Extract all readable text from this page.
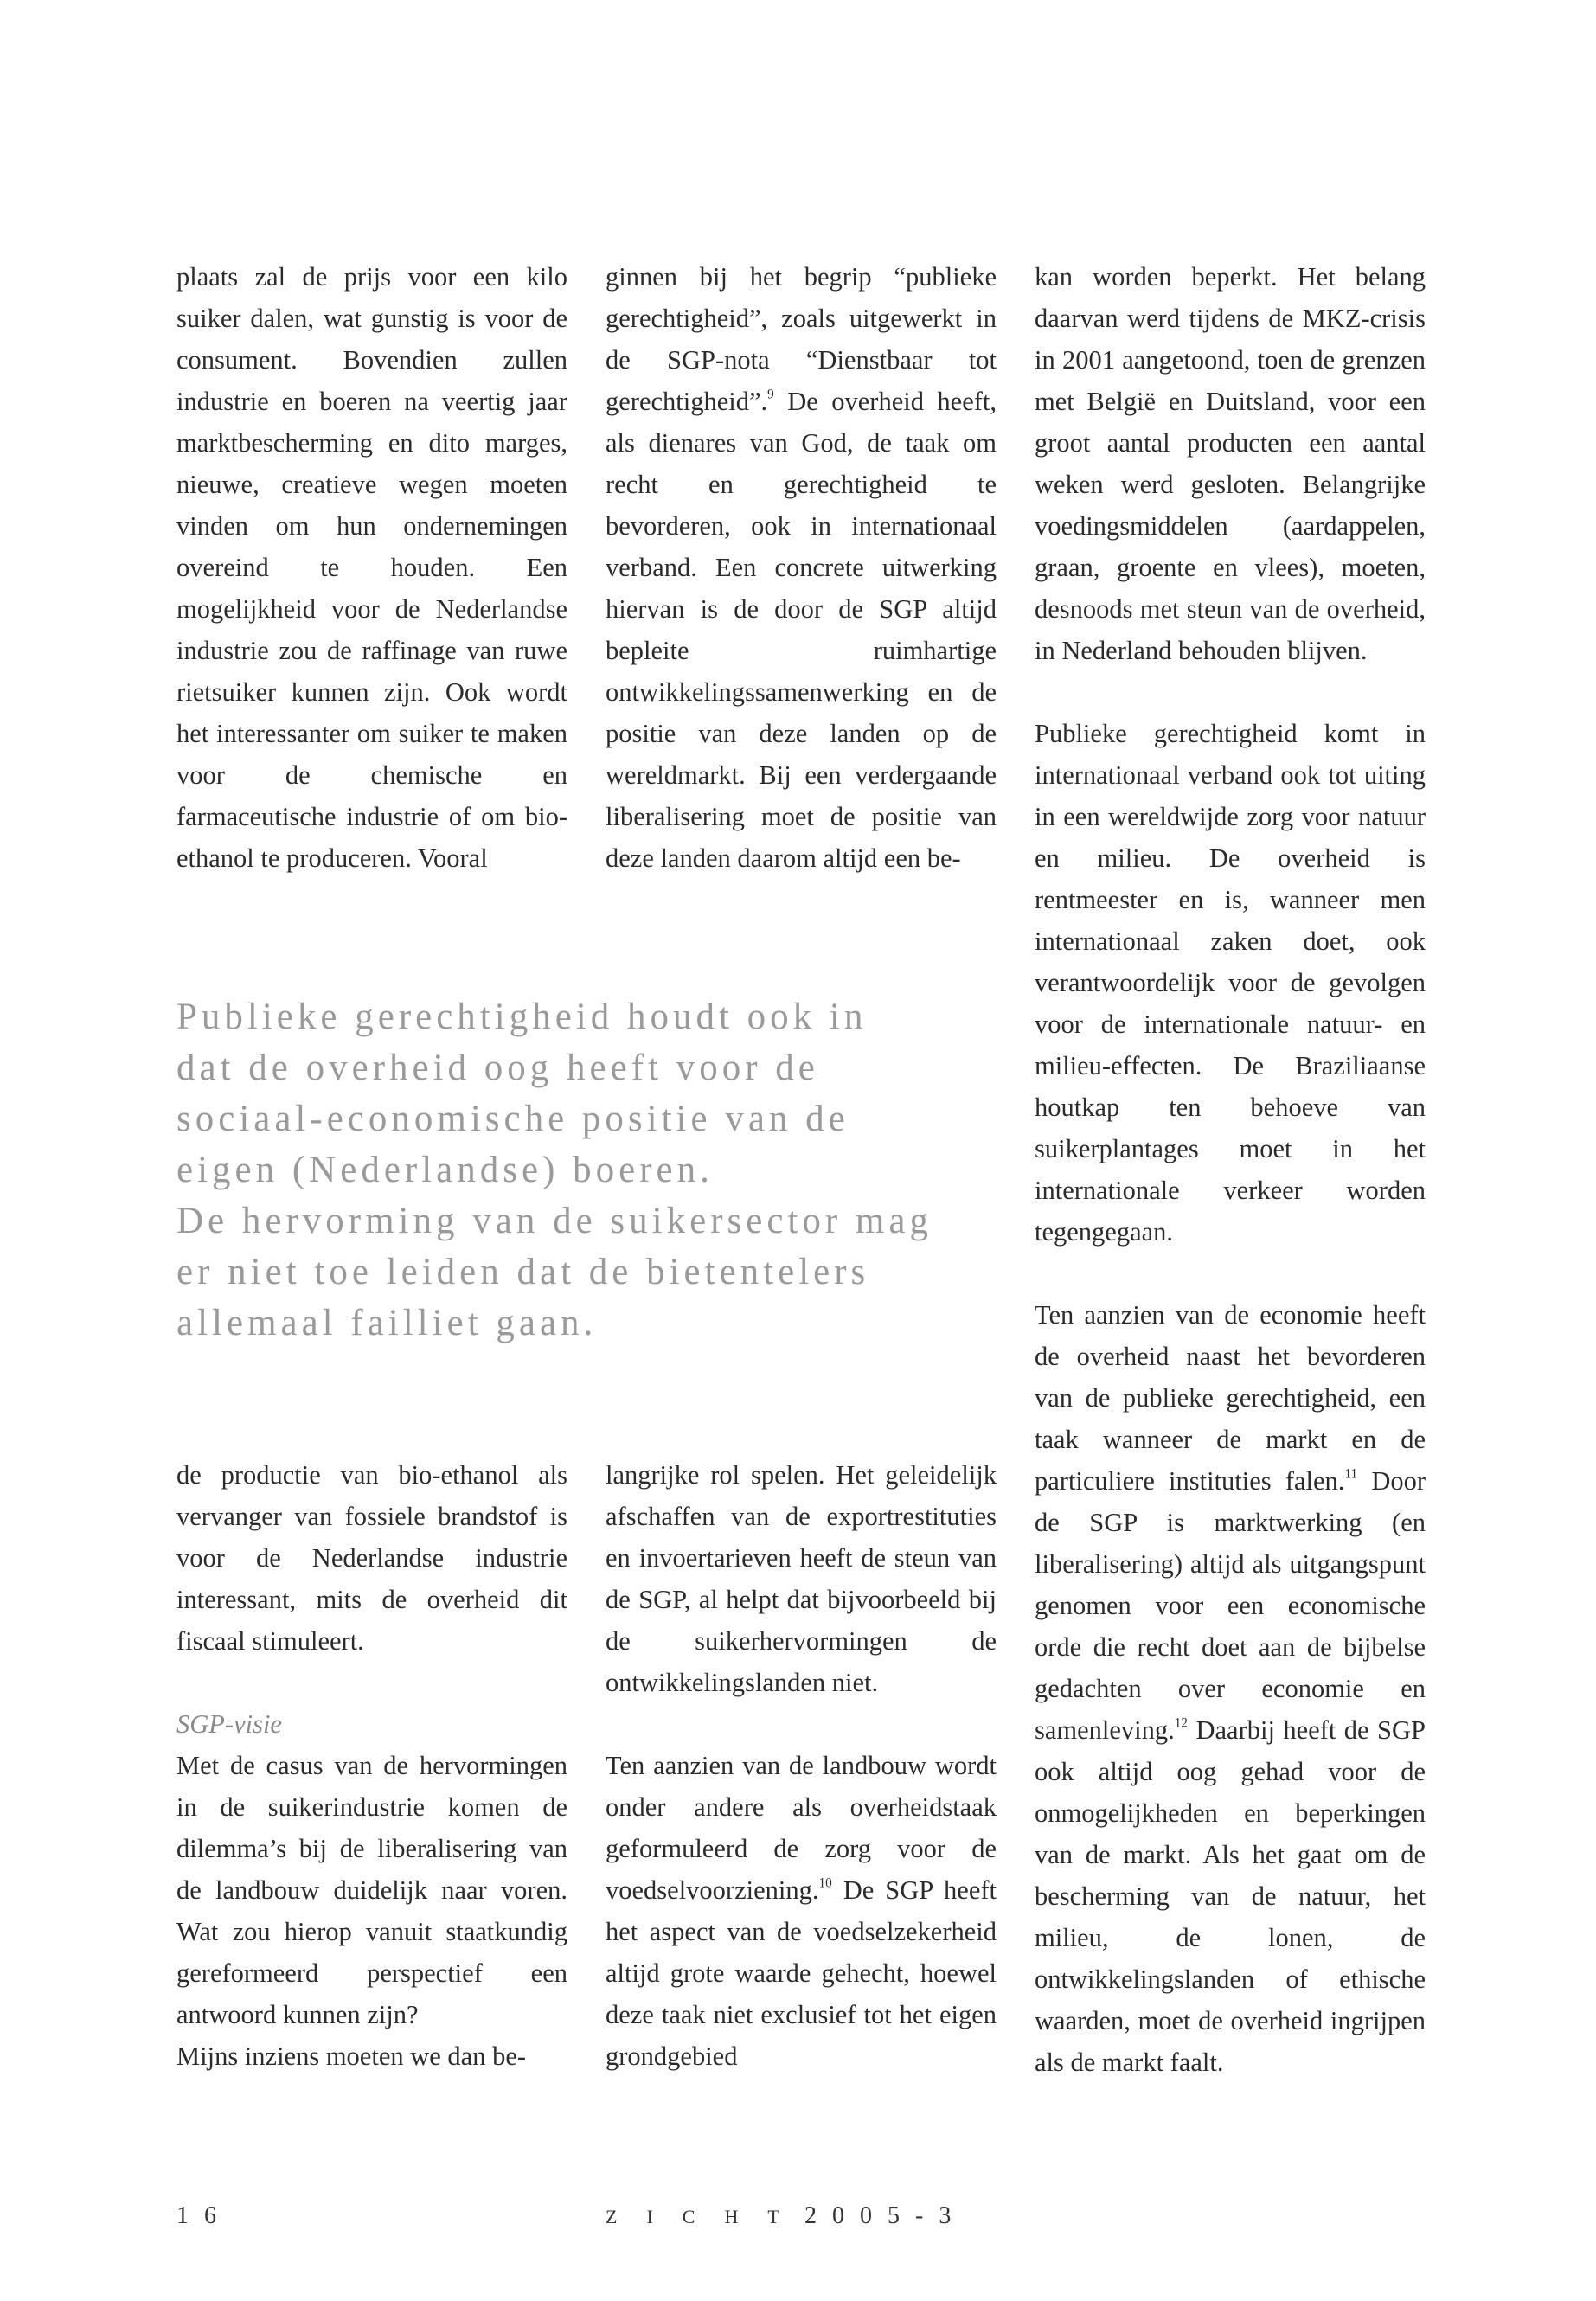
plaats zal de prijs voor een kilo suiker dalen, wat gunstig is voor de consument. Bovendien zullen industrie en boeren na veertig jaar marktbescherming en dito marges, nieuwe, creatieve wegen moeten vinden om hun ondernemingen overeind te houden. Een mogelijkheid voor de Nederlandse industrie zou de raffinage van ruwe rietsuiker kunnen zijn. Ook wordt het interessanter om suiker te maken voor de chemische en farmaceutische industrie of om bio-ethanol te produceren. Vooral

ginnen bij het begrip “publieke gerechtigheid”, zoals uitgewerkt in de SGP-nota “Dienstbaar tot gerechtigheid”.$^9$ De overheid heeft, als dienares van God, de taak om recht en gerechtigheid te bevorderen, ook in internationaal verband. Een concrete uitwerking hiervan is de door de SGP altijd bepleite ruimhartige ontwikkelingssamenwerking en de positie van deze landen op de wereldmarkt. Bij een verdergaande liberalisering moet de positie van deze landen daarom altijd een be-

Publieke gerechtigheid houdt ook in
dat de overheid oog heeft voor de
sociaal-economische positie van de
eigen (Nederlandse) boeren.
De hervorming van de suikersector mag
er niet toe leiden dat de bietentelers
allemaal failliet gaan.

de productie van bio-ethanol als vervanger van fossiele brandstof is voor de Nederlandse industrie interessant, mits de overheid dit fiscaal stimuleert.

SGP-visie

Met de casus van de hervormingen in de suikerindustrie komen de dilemma’s bij de liberalisering van de landbouw duidelijk naar voren. Wat zou hierop vanuit staatkundig gereformeerd perspectief een antwoord kunnen zijn?

Mijns inziens moeten we dan be-

langrijke rol spelen. Het geleidelijk afschaffen van de exportrestituties en invoertarieven heeft de steun van de SGP, al helpt dat bijvoorbeeld bij de suikerhervormingen de ontwikkelingslanden niet.

Ten aanzien van de landbouw wordt onder andere als overheidstaak geformuleerd de zorg voor de voedselvoorziening.$^{10}$ De SGP heeft het aspect van de voedselzekerheid altijd grote waarde gehecht, hoewel deze taak niet exclusief tot het eigen grondgebied

kan worden beperkt. Het belang daarvan werd tijdens de MKZ-crisis in 2001 aangetoond, toen de grenzen met België en Duitsland, voor een groot aantal producten een aantal weken werd gesloten. Belangrijke voedingsmiddelen (aardappelen, graan, groente en vlees), moeten, desnoods met steun van de overheid, in Nederland behouden blijven.

Publieke gerechtigheid komt in internationaal verband ook tot uiting in een wereldwijde zorg voor natuur en milieu. De overheid is rentmeester en is, wanneer men internationaal zaken doet, ook verantwoordelijk voor de gevolgen voor de internationale natuur- en milieu-effecten. De Braziliaanse houtkap ten behoeve van suikerplantages moet in het internationale verkeer worden tegengegaan.

Ten aanzien van de economie heeft de overheid naast het bevorderen van de publieke gerechtigheid, een taak wanneer de markt en de particuliere instituties falen.$^{11}$ Door de SGP is marktwerking (en liberalisering) altijd als uitgangspunt genomen voor een economische orde die recht doet aan de bijbelse gedachten over economie en samenleving.$^{12}$ Daarbij heeft de SGP ook altijd oog gehad voor de onmogelijkheden en beperkingen van de markt. Als het gaat om de bescherming van de natuur, het milieu, de lonen, de ontwikkelingslanden of ethische waarden, moet de overheid ingrijpen als de markt faalt.

16	ZICHT
2005-3
